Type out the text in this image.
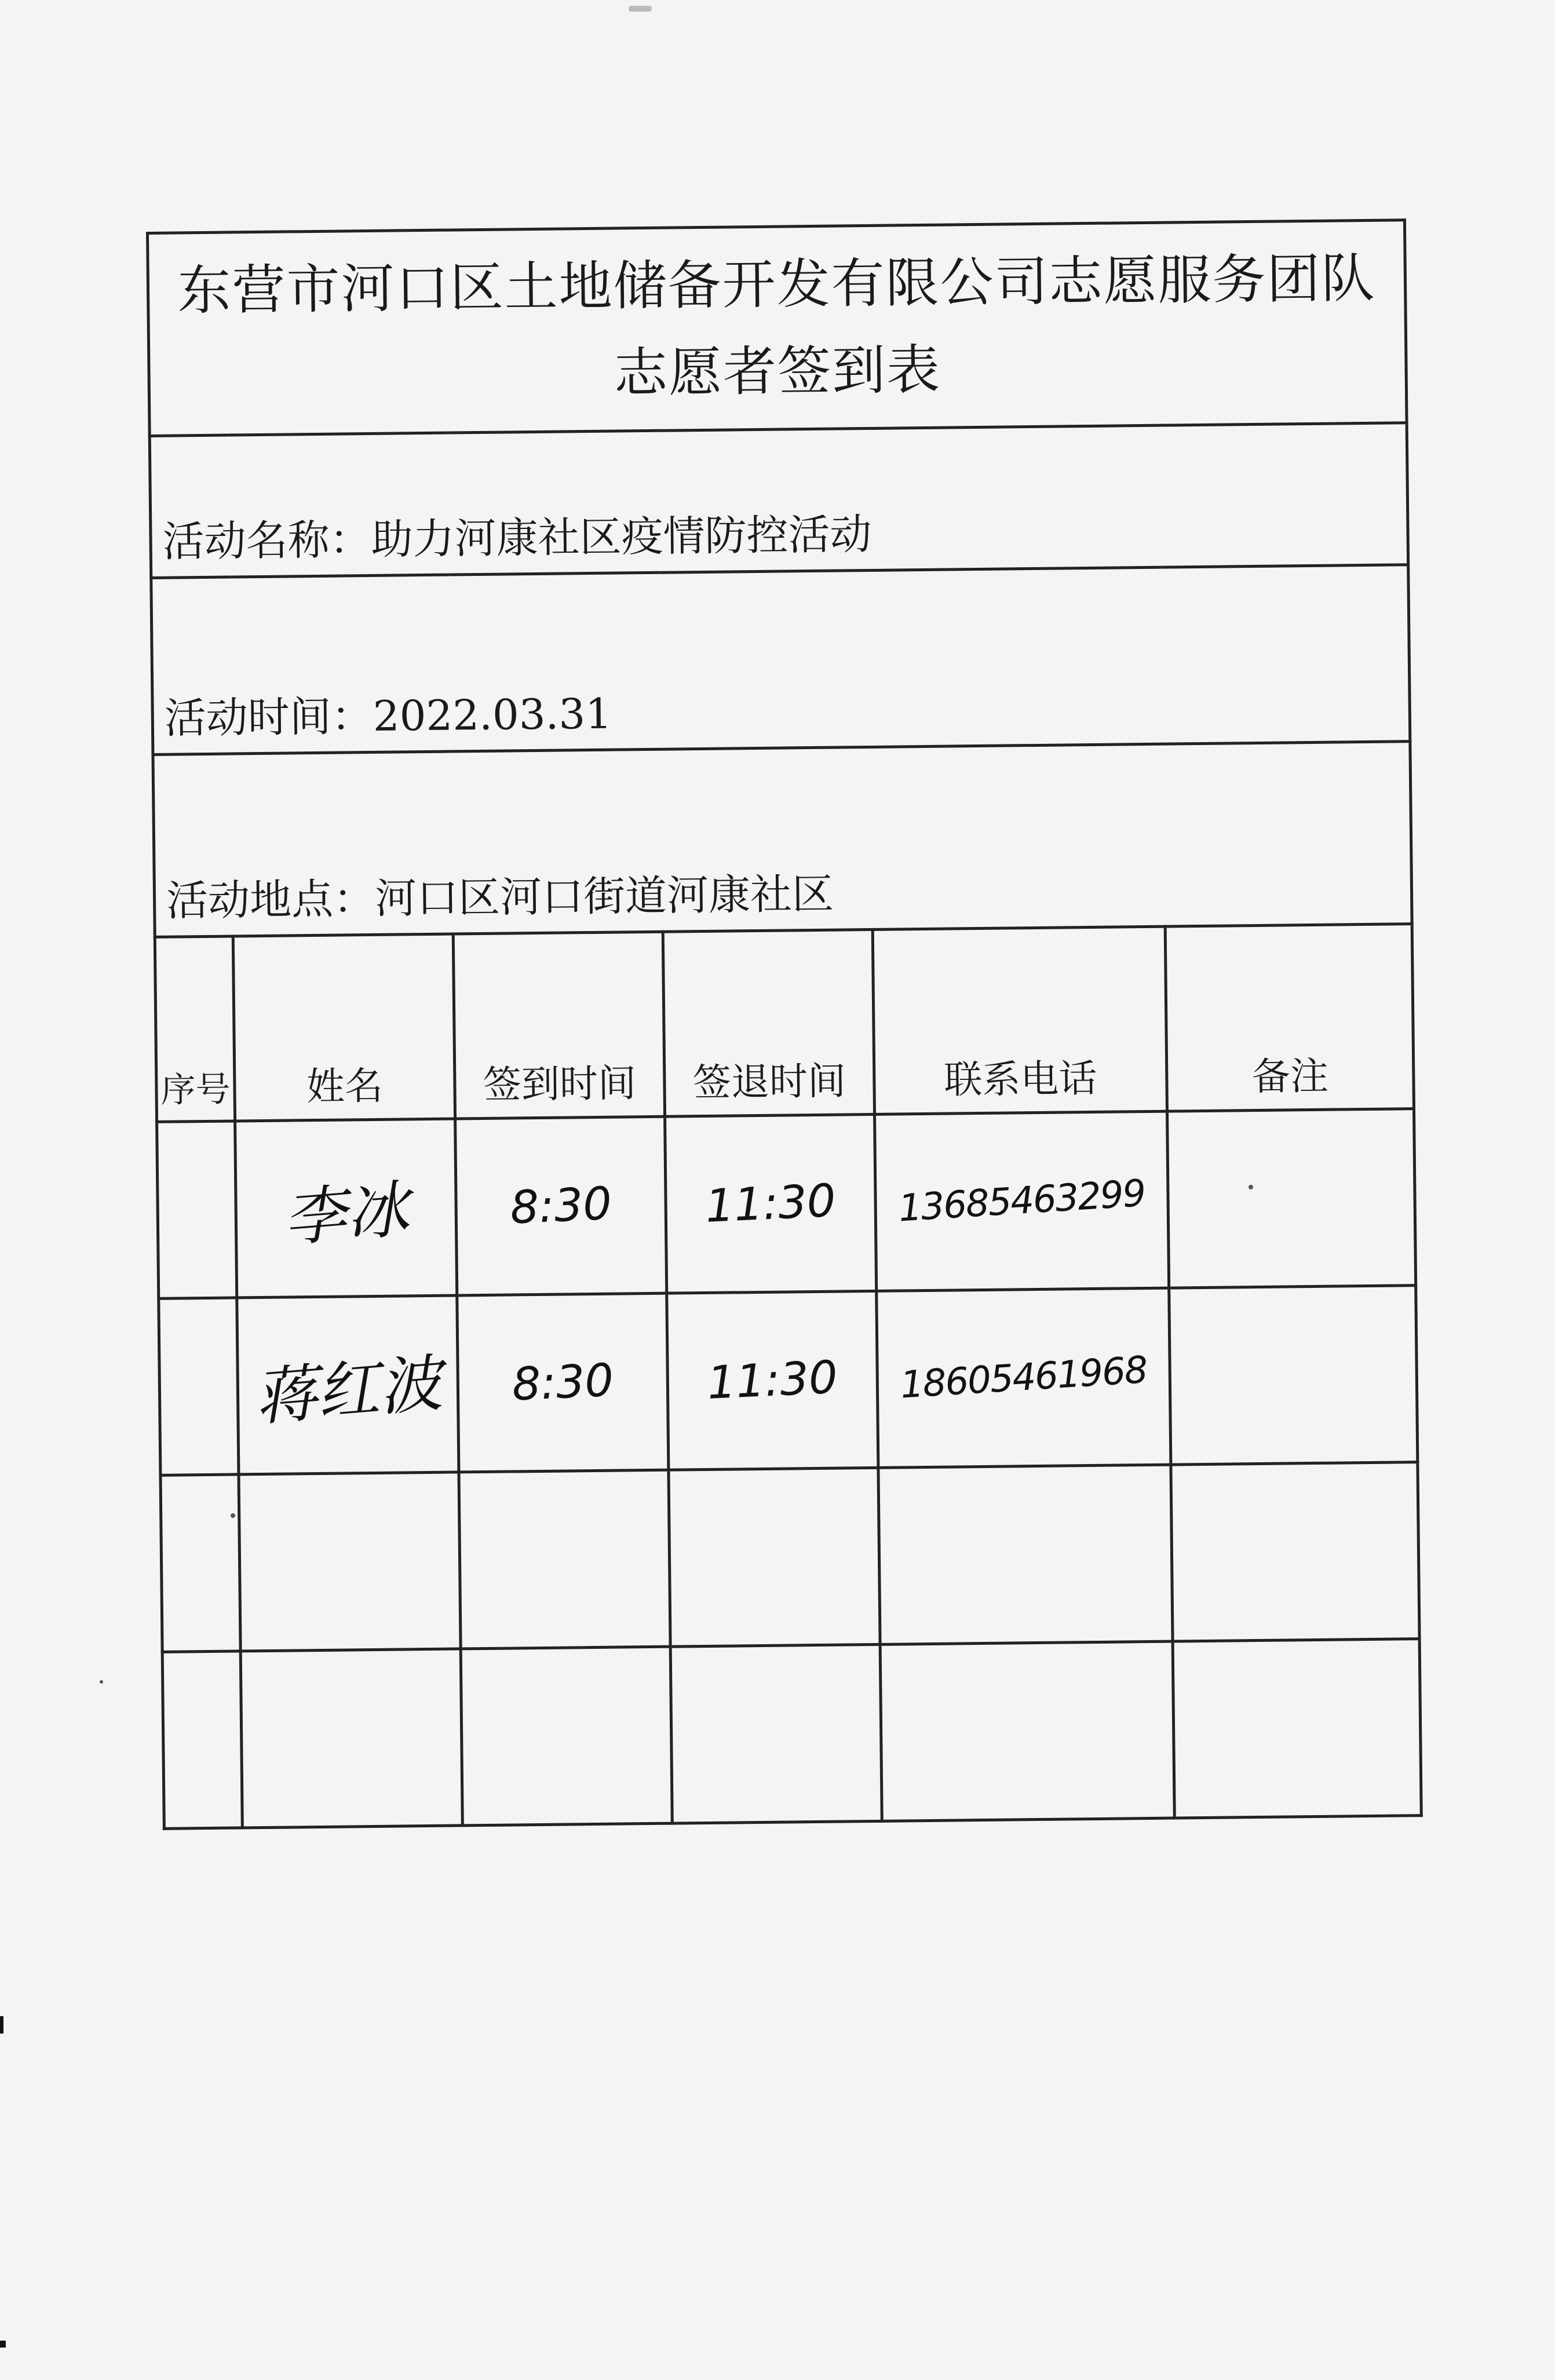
东营市河口区土地储备开发有限公司志愿服务团队
志愿者签到表					

活动名称：助力河康社区疫情防控活动					
活动时间：2022.03.31					
活动地点：河口区河口街道河康社区					
序号	姓名	签到时间	签退时间	联系电话	备注
	李冰	8:30	11:30	13685463299	
	蒋红波	8:30	11:30	18605461968	
